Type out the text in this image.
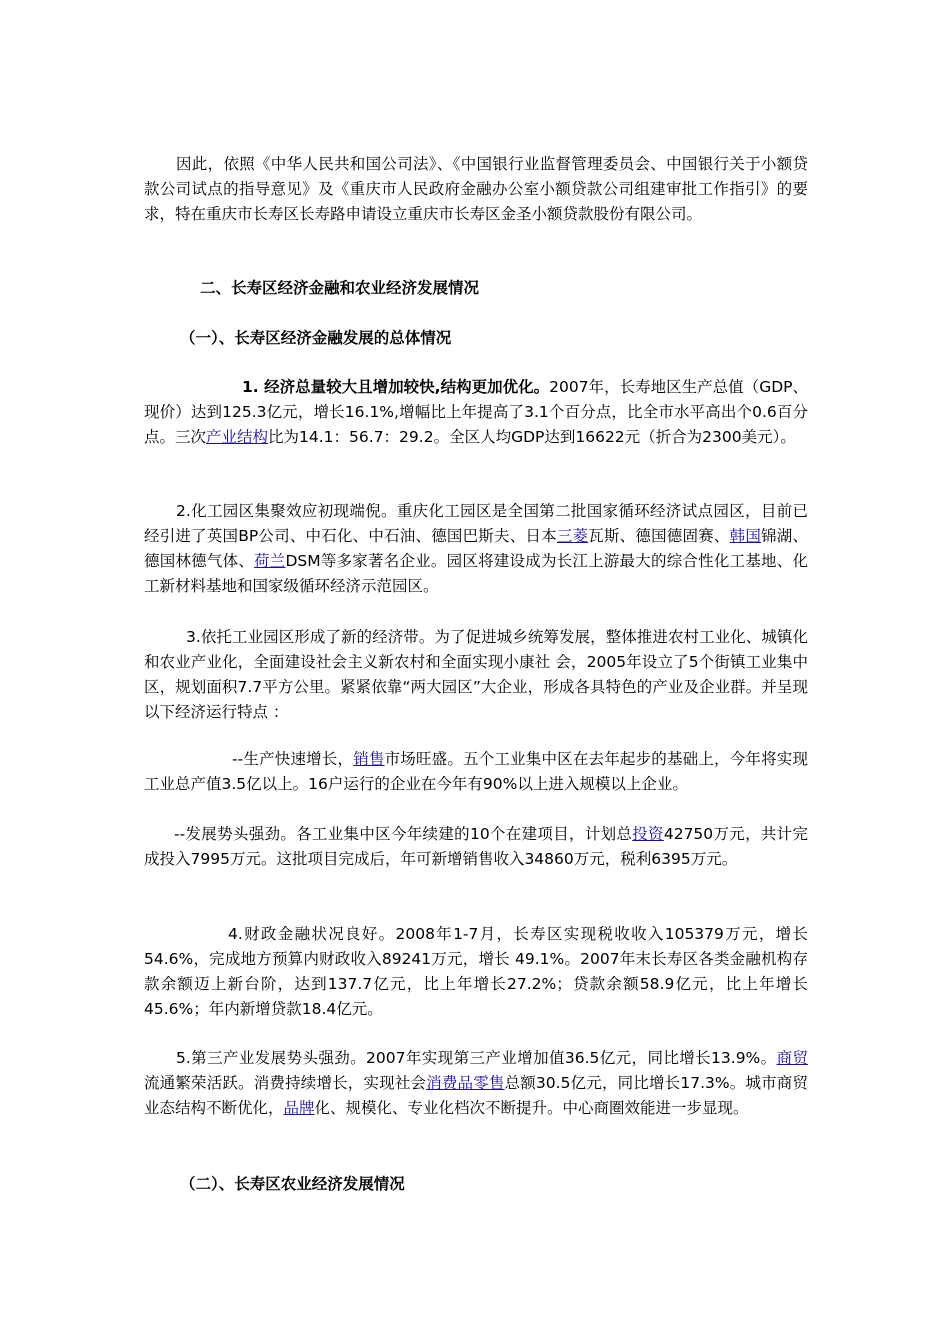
因此，依照《中华人民共和国公司法》、《中国银行业监督管理委员会、中国银行关于小额贷款公司试点的指导意见》及《重庆市人民政府金融办公室小额贷款公司组建审批工作指引》的要求，特在重庆市长寿区长寿路申请设立重庆市长寿区金圣小额贷款股份有限公司。

二、长寿区经济金融和农业经济发展情况

（一）、长寿区经济金融发展的总体情况

1. 经济总量较大且增加较快,结构更加优化。2007年，长寿地区生产总值（GDP、现价）达到125.3亿元，增长16.1%,增幅比上年提高了3.1个百分点，比全市水平高出个0.6百分点。三次产业结构比为14.1：56.7：29.2。全区人均GDP达到16622元（折合为2300美元）。

2.化工园区集聚效应初现端倪。重庆化工园区是全国第二批国家循环经济试点园区，目前已经引进了英国BP公司、中石化、中石油、德国巴斯夫、日本三菱瓦斯、德国德固赛、韩国锦湖、德国林德气体、荷兰DSM等多家著名企业。园区将建设成为长江上游最大的综合性化工基地、化工新材料基地和国家级循环经济示范园区。

3.依托工业园区形成了新的经济带。为了促进城乡统筹发展，整体推进农村工业化、城镇化和农业产业化，全面建设社会主义新农村和全面实现小康社 会，2005年设立了5个街镇工业集中区，规划面积7.7平方公里。紧紧依靠“两大园区”大企业，形成各具特色的产业及企业群。并呈现以下经济运行特点 ：

--生产快速增长，销售市场旺盛。五个工业集中区在去年起步的基础上，今年将实现工业总产值3.5亿以上。16户运行的企业在今年有90%以上进入规模以上企业。

--发展势头强劲。各工业集中区今年续建的10个在建项目，计划总投资42750万元，共计完成投入7995万元。这批项目完成后，年可新增销售收入34860万元，税利6395万元。

4.财政金融状况良好。2008年1-7月，长寿区实现税收收入105379万元，增长54.6%，完成地方预算内财政收入89241万元，增长 49.1%。2007年末长寿区各类金融机构存款余额迈上新台阶，达到137.7亿元，比上年增长27.2%；贷款余额58.9亿元，比上年增长 45.6%；年内新增贷款18.4亿元。

5.第三产业发展势头强劲。2007年实现第三产业增加值36.5亿元，同比增长13.9%。商贸流通繁荣活跃。消费持续增长，实现社会消费品零售总额30.5亿元，同比增长17.3%。城市商贸业态结构不断优化，品牌化、规模化、专业化档次不断提升。中心商圈效能进一步显现。

（二）、长寿区农业经济发展情况
